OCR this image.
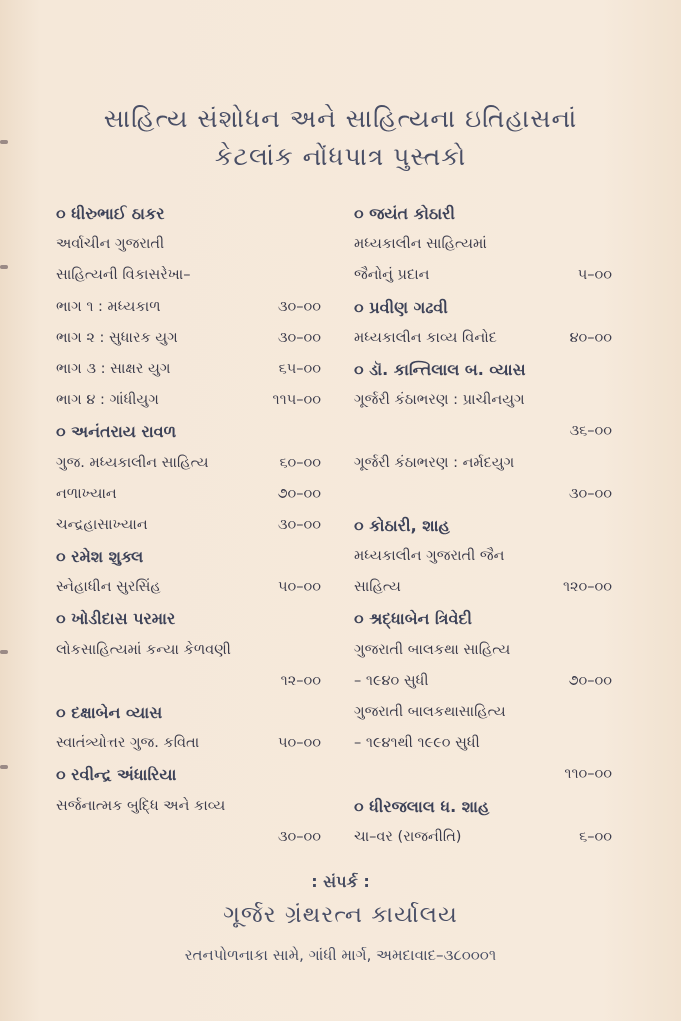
સાહિત્ય સંશોધન અને સાહિત્યના ઇતિહાસનાં
કેટલાંક નોંધપાત્ર પુસ્તકો
૦ ધીરુભાઈ ઠાકર
અર્વાચીન ગુજરાતી
સાહિત્યની વિકાસરેખા–
ભાગ ૧ : મધ્યકાળ	૩૦–૦૦
ભાગ ૨ : સુધારક યુગ	૩૦–૦૦
ભાગ ૩ : સાક્ષર યુગ	૬૫–૦૦
ભાગ ૪ : ગાંધીયુગ	૧૧૫–૦૦
૦ અનંતરાય રાવળ
ગુજ. મધ્યકાલીન સાહિત્ય	૬૦–૦૦
નળાખ્યાન	૭૦–૦૦
ચન્દ્રહાસાખ્યાન	૩૦–૦૦
૦ રમેશ શુક્લ
સ્નેહાધીન સુરસિંહ	૫૦–૦૦
૦ ખોડીદાસ પરમાર
લોકસાહિત્યમાં કન્યા કેળવણી
૧૨–૦૦
૦ દક્ષાબેન વ્યાસ
સ્વાતંત્ર્યોત્તર ગુજ. કવિતા	૫૦–૦૦
૦ રવીન્દ્ર અંધારિયા
સર્જનાત્મક બુદ્ધિ અને કાવ્ય
૩૦–૦૦
૦ જયંત કોઠારી
મધ્યકાલીન સાહિત્યમાં
જૈનોનું પ્રદાન	૫–૦૦
૦ પ્રવીણ ગઢવી
મધ્યકાલીન કાવ્ય વિનોદ	૪૦–૦૦
૦ ડૉ. કાન્તિલાલ બ. વ્યાસ
ગૂર્જરી કંઠાભરણ : પ્રાચીનયુગ
૩૬–૦૦
ગૂર્જરી કંઠાભરણ : નર્મદયુગ
૩૦–૦૦
૦ કોઠારી, શાહ
મધ્યકાલીન ગુજરાતી જૈન
સાહિત્ય	૧૨૦–૦૦
૦ શ્રદ્ધાબેન ત્રિવેદી
ગુજરાતી બાલકથા સાહિત્ય
– ૧૯૪૦ સુધી	૭૦–૦૦
ગુજરાતી બાલકથાસાહિત્ય
– ૧૯૪૧થી ૧૯૯૦ સુધી
૧૧૦–૦૦
૦ ધીરજલાલ ધ. શાહ
ચા–વર (રાજનીતિ)	૬–૦૦
: સંપર્ક :
ગૂર્જર ગ્રંથરત્ન કાર્યાલય
રતનપોળનાકા સામે, ગાંધી માર્ગ, અમદાવાદ–૩૮૦૦૦૧
